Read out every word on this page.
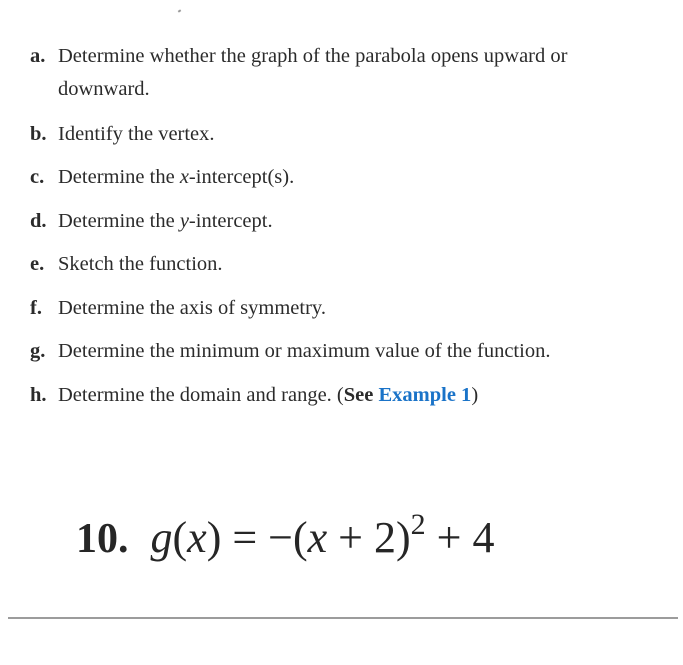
a. Determine whether the graph of the parabola opens upward or
downward.
b. Identify the vertex.
c. Determine the x-intercept(s).
d. Determine the y-intercept.
e. Sketch the function.
f. Determine the axis of symmetry.
g. Determine the minimum or maximum value of the function.
h. Determine the domain and range. (See Example 1)
10. $g(x) = -(x + 2)^2 + 4$
